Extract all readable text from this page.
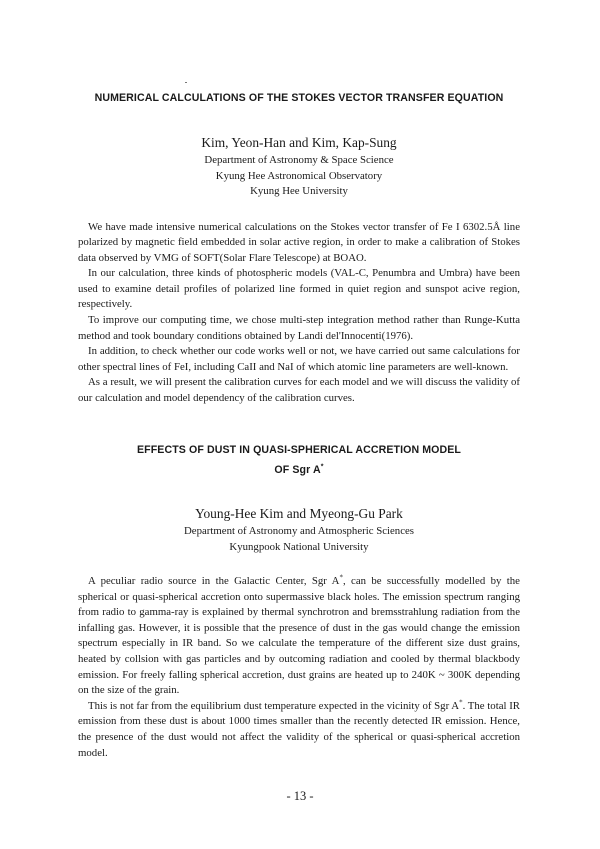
NUMERICAL CALCULATIONS OF THE STOKES VECTOR TRANSFER EQUATION

Kim, Yeon-Han and Kim, Kap-Sung

Department of Astronomy & Space Science

Kyung Hee Astronomical Observatory

Kyung Hee University

We have made intensive numerical calculations on the Stokes vector transfer of Fe I 6302.5Å line polarized by magnetic field embedded in solar active region, in order to make a calibration of Stokes data observed by VMG of SOFT(Solar Flare Telescope) at BOAO.

In our calculation, three kinds of photospheric models (VAL-C, Penumbra and Umbra) have been used to examine detail profiles of polarized line formed in quiet region and sunspot acive region, respectively.

To improve our computing time, we chose multi-step integration method rather than Runge-Kutta method and took boundary conditions obtained by Landi del'Innocenti(1976).

In addition, to check whether our code works well or not, we have carried out same calculations for other spectral lines of FeI, including CaII and NaI of which atomic line parameters are well-known.

As a result, we will present the calibration curves for each model and we will discuss the validity of our calculation and model dependency of the calibration curves.

EFFECTS OF DUST IN QUASI-SPHERICAL ACCRETION MODEL
OF Sgr A*

Young-Hee Kim and Myeong-Gu Park

Department of Astronomy and Atmospheric Sciences

Kyungpook National University

A peculiar radio source in the Galactic Center, Sgr A*, can be successfully modelled by the spherical or quasi-spherical accretion onto supermassive black holes. The emission spectrum ranging from radio to gamma-ray is explained by thermal synchrotron and bremsstrahlung radiation from the infalling gas. However, it is possible that the presence of dust in the gas would change the emission spectrum especially in IR band. So we calculate the temperature of the different size dust grains, heated by collsion with gas particles and by outcoming radiation and cooled by thermal blackbody emission. For freely falling spherical accretion, dust grains are heated up to 240K ~ 300K depending on the size of the grain.

This is not far from the equilibrium dust temperature expected in the vicinity of Sgr A*. The total IR emission from these dust is about 1000 times smaller than the recently detected IR emission. Hence, the presence of the dust would not affect the validity of the spherical or quasi-spherical accretion model.

- 13 -
